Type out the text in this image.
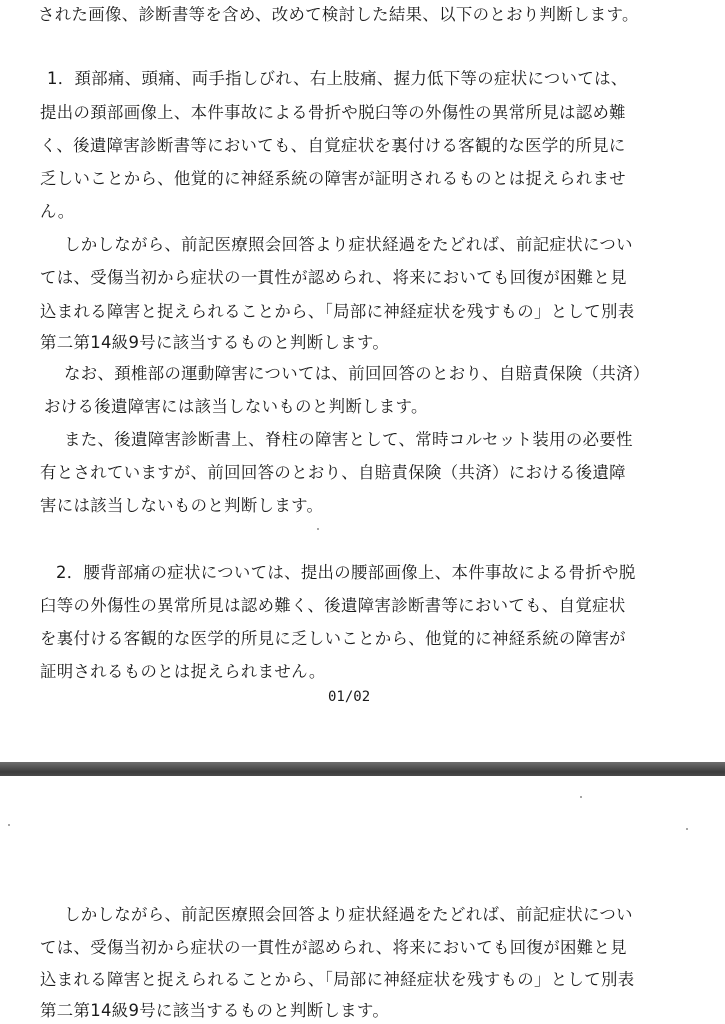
された画像、診断書等を含め、改めて検討した結果、以下のとおり判断します。
1．頚部痛、頭痛、両手指しびれ、右上肢痛、握力低下等の症状については、
提出の頚部画像上、本件事故による骨折や脱臼等の外傷性の異常所見は認め難
く、後遺障害診断書等においても、自覚症状を裏付ける客観的な医学的所見に
乏しいことから、他覚的に神経系統の障害が証明されるものとは捉えられませ
ん。
しかしながら、前記医療照会回答より症状経過をたどれば、前記症状につい
ては、受傷当初から症状の一貫性が認められ、将来においても回復が困難と見
込まれる障害と捉えられることから、「局部に神経症状を残すもの」として別表
第二第14級9号に該当するものと判断します。
なお、頚椎部の運動障害については、前回回答のとおり、自賠責保険（共済）
おける後遺障害には該当しないものと判断します。
また、後遺障害診断書上、脊柱の障害として、常時コルセット装用の必要性
有とされていますが、前回回答のとおり、自賠責保険（共済）における後遺障
害には該当しないものと判断します。
2．腰背部痛の症状については、提出の腰部画像上、本件事故による骨折や脱
臼等の外傷性の異常所見は認め難く、後遺障害診断書等においても、自覚症状
を裏付ける客観的な医学的所見に乏しいことから、他覚的に神経系統の障害が
証明されるものとは捉えられません。
01/02
しかしながら、前記医療照会回答より症状経過をたどれば、前記症状につい
ては、受傷当初から症状の一貫性が認められ、将来においても回復が困難と見
込まれる障害と捉えられることから、「局部に神経症状を残すもの」として別表
第二第14級9号に該当するものと判断します。
